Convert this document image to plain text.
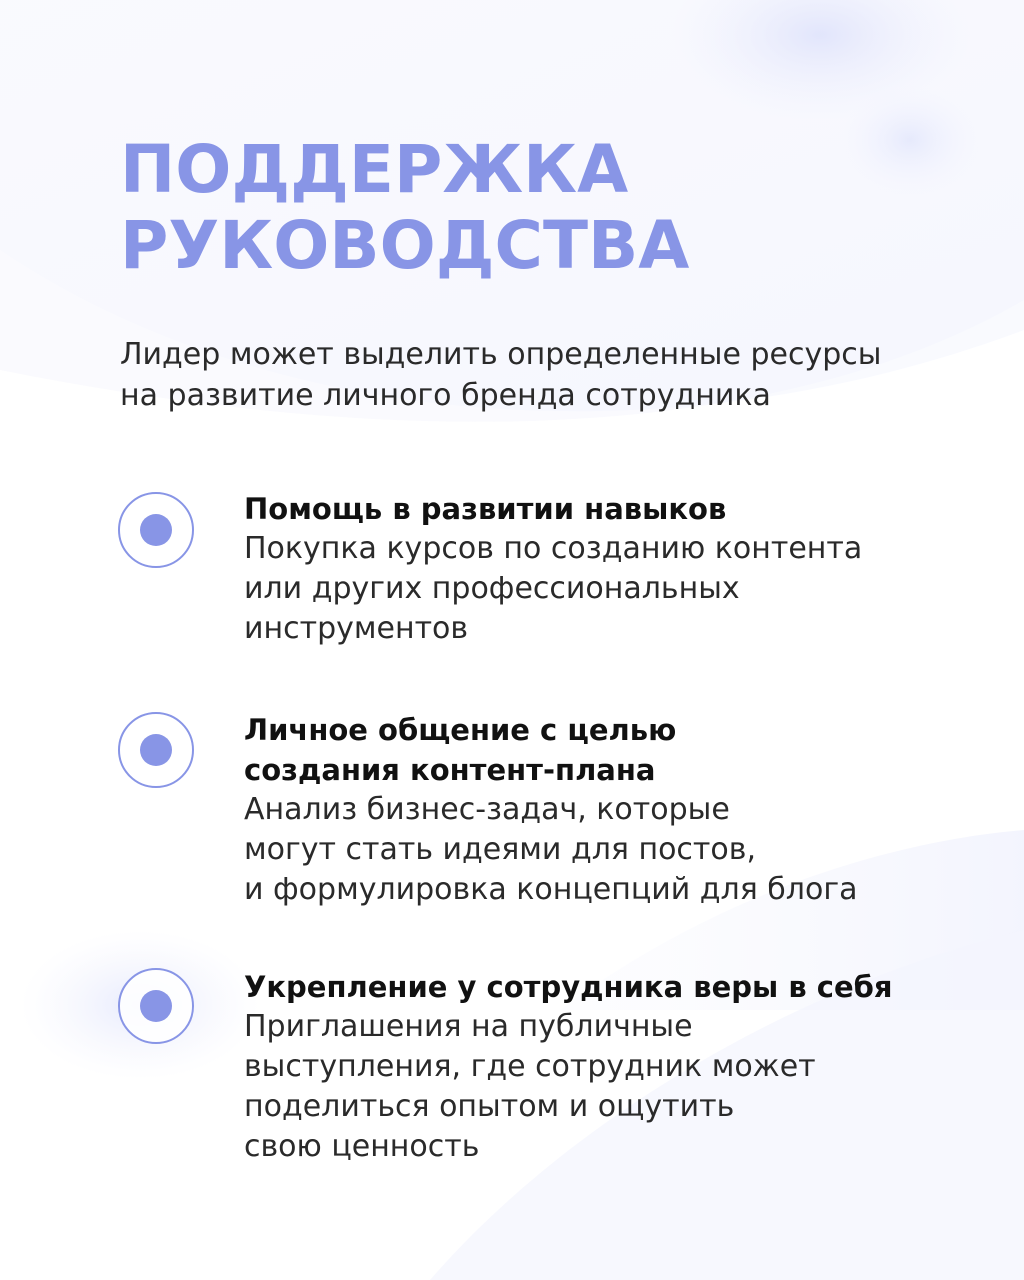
ПОДДЕРЖКА
РУКОВОДСТВА

Лидер может выделить определенные ресурсы
на развитие личного бренда сотрудника

Помощь в развитии навыков

Покупка курсов по созданию контента
или других профессиональных
инструментов

Личное общение с целью
создания контент-плана

Анализ бизнес-задач, которые
могут стать идеями для постов,
и формулировка концепций для блога

Укрепление у сотрудника веры в себя

Приглашения на публичные
выступления, где сотрудник может
поделиться опытом и ощутить
свою ценность
